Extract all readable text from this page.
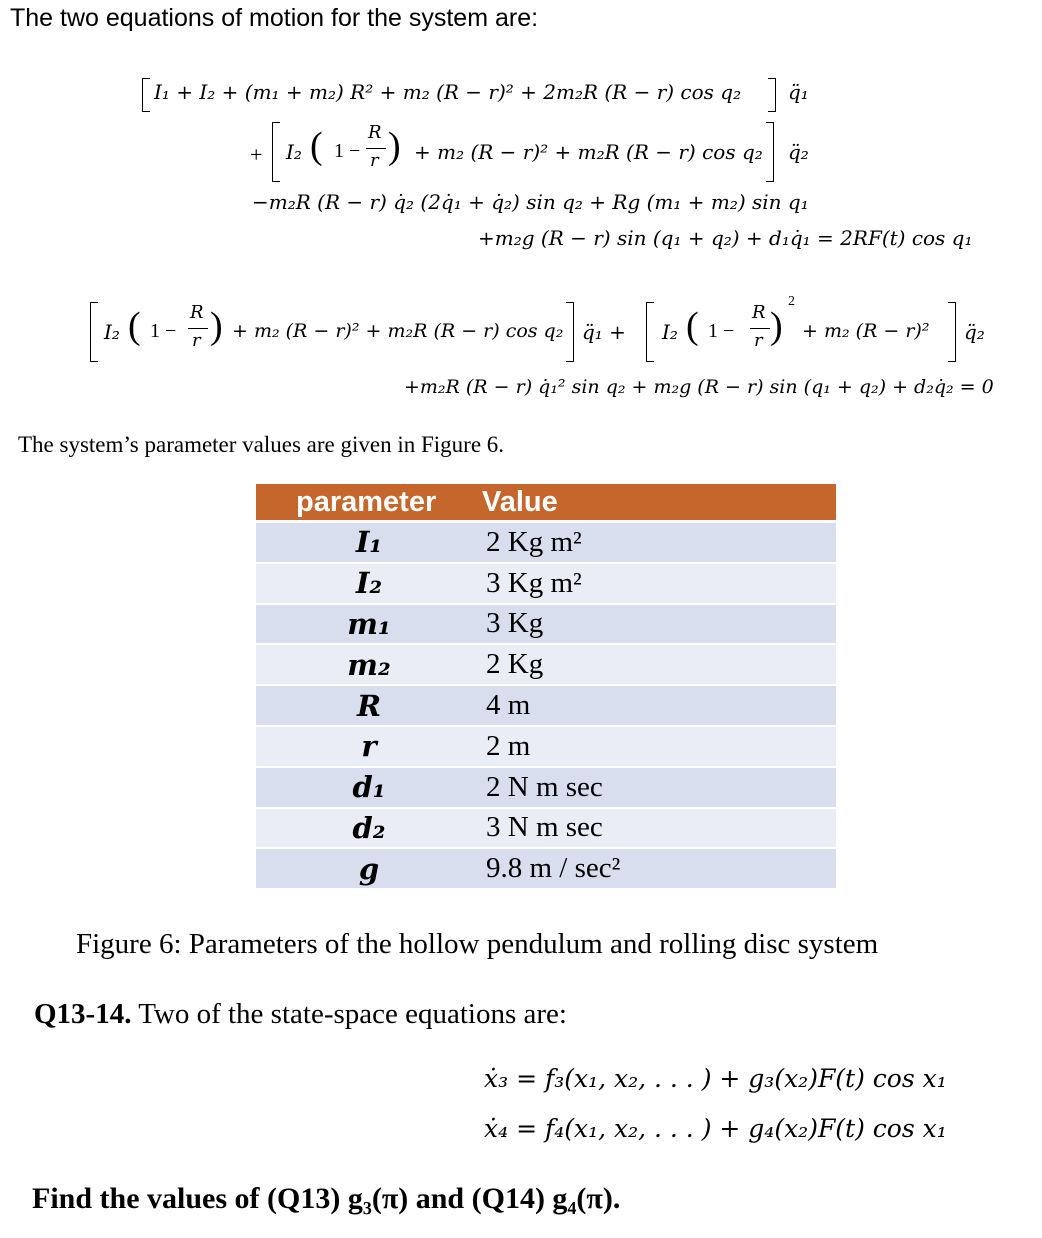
The two equations of motion for the system are:
I₁ + I₂ + (m₁ + m₂) R² + m₂ (R − r)² + 2m₂R (R − r) cos q₂ q̈₁
+ I₂ ( 1 −
R
r ) + m₂ (R − r)² + m₂R (R − r) cos q₂ q̈₂
−m₂R (R − r) q̇₂ (2q̇₁ + q̇₂) sin q₂ + Rg (m₁ + m₂) sin q₁
+m₂g (R − r) sin (q₁ + q₂) + d₁q̇₁ = 2RF(t) cos q₁
I₂ ( 1 −
R
r ) + m₂ (R − r)² + m₂R (R − r) cos q₂ q̈₁ + I₂ ( 1 −
R
r )
2
+ m₂ (R − r)² q̈₂
+m₂R (R − r) q̇₁² sin q₂ + m₂g (R − r) sin (q₁ + q₂) + d₂q̇₂ = 0
The system’s parameter values are given in Figure 6.
parameter	Value
I₁	2 Kg m²
I₂	3 Kg m²
m₁	3 Kg
m₂	2 Kg
R	4 m
r	2 m
d₁	2 N m sec
d₂	3 N m sec
g	9.8 m / sec²
Figure 6: Parameters of the hollow pendulum and rolling disc system
Q13-14. Two of the state-space equations are:
ẋ₃ = f₃(x₁, x₂, . . . ) + g₃(x₂)F(t) cos x₁
ẋ₄ = f₄(x₁, x₂, . . . ) + g₄(x₂)F(t) cos x₁
Find the values of (Q13) g₃(π) and (Q14) g₄(π).
